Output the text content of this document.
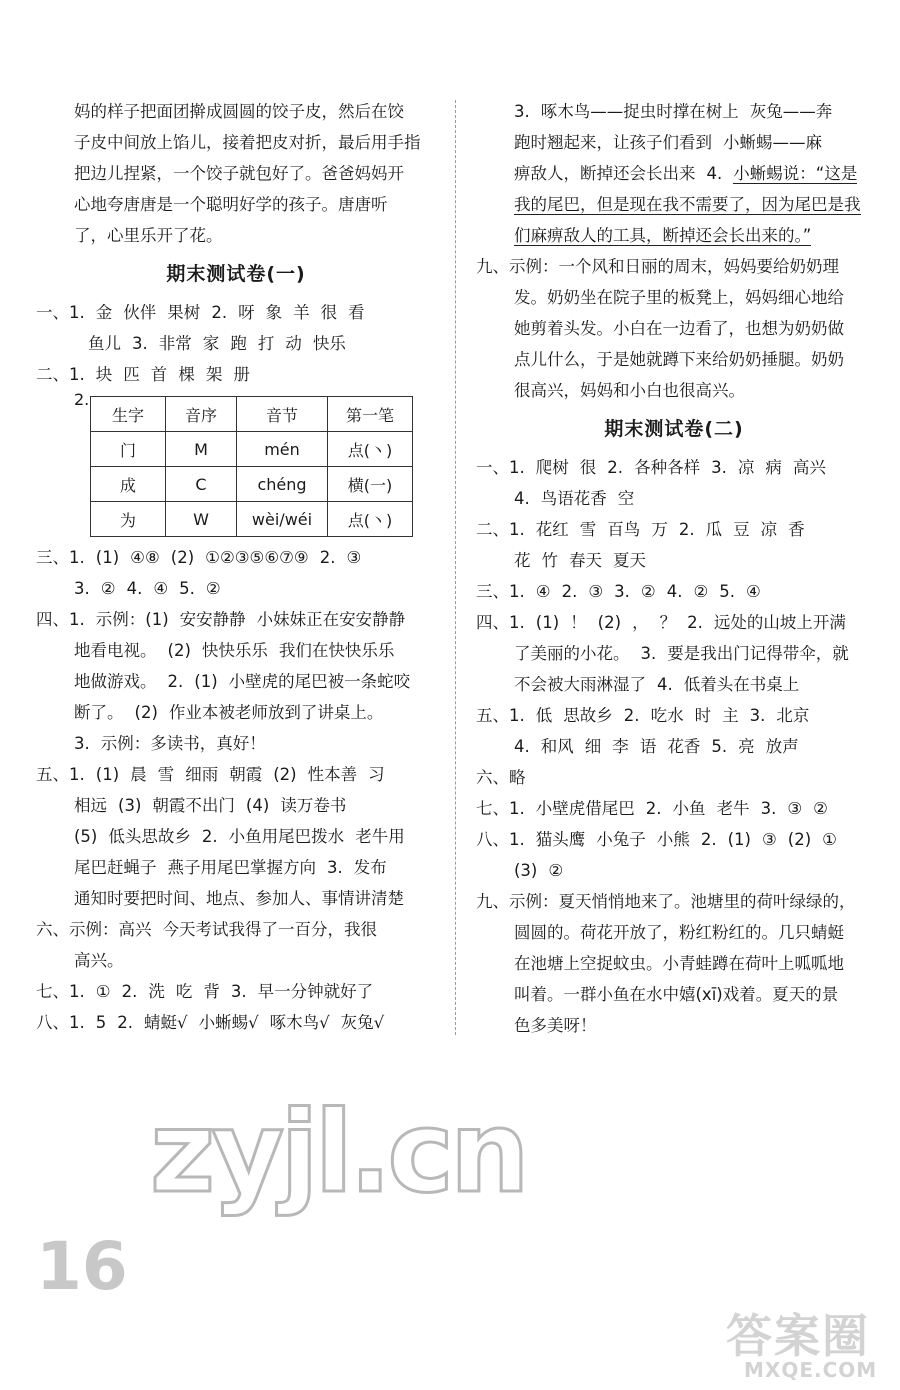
妈的样子把面团擀成圆圆的饺子皮，然后在饺
子皮中间放上馅儿，接着把皮对折，最后用手指
把边儿捏紧，一个饺子就包好了。爸爸妈妈开
心地夸唐唐是一个聪明好学的孩子。唐唐听
了，心里乐开了花。
期末测试卷(一)
一、1. 金 伙伴 果树 2. 呀 象 羊 很 看
鱼儿 3. 非常 家 跑 打 动 快乐
二、1. 块 匹 首 棵 架 册
2.
生字	音序	音节	第一笔
门	M	mén	点(丶)
成	C	chéng	横(一)
为	W	wèi/wéi	点(丶)
三、1. (1) ④⑧ (2) ①②③⑤⑥⑦⑨ 2. ③
3. ② 4. ④ 5. ②
四、1. 示例：(1) 安安静静 小妹妹正在安安静静
地看电视。 (2) 快快乐乐 我们在快快乐乐
地做游戏。 2. (1) 小壁虎的尾巴被一条蛇咬
断了。 (2) 作业本被老师放到了讲桌上。
3. 示例：多读书，真好！
五、1. (1) 晨 雪 细雨 朝霞 (2) 性本善 习
相远 (3) 朝霞不出门 (4) 读万卷书
(5) 低头思故乡 2. 小鱼用尾巴拨水 老牛用
尾巴赶蝇子 燕子用尾巴掌握方向 3. 发布
通知时要把时间、地点、参加人、事情讲清楚
六、示例：高兴 今天考试我得了一百分，我很
高兴。
七、1. ① 2. 洗 吃 背 3. 早一分钟就好了
八、1. 5 2. 蜻蜓√ 小蜥蜴√ 啄木鸟√ 灰兔√
3. 啄木鸟——捉虫时撑在树上 灰兔——奔
跑时翘起来，让孩子们看到 小蜥蜴——麻
痹敌人，断掉还会长出来 4. 小蜥蜴说：“这是
我的尾巴，但是现在我不需要了，因为尾巴是我
们麻痹敌人的工具，断掉还会长出来的。”
九、示例：一个风和日丽的周末，妈妈要给奶奶理
发。奶奶坐在院子里的板凳上，妈妈细心地给
她剪着头发。小白在一边看了，也想为奶奶做
点儿什么，于是她就蹲下来给奶奶捶腿。奶奶
很高兴，妈妈和小白也很高兴。
期末测试卷(二)
一、1. 爬树 很 2. 各种各样 3. 凉 病 高兴
4. 鸟语花香 空
二、1. 花红 雪 百鸟 万 2. 瓜 豆 凉 香
花 竹 春天 夏天
三、1. ④ 2. ③ 3. ② 4. ② 5. ④
四、1. (1) ！ (2) ， ？ 2. 远处的山坡上开满
了美丽的小花。 3. 要是我出门记得带伞，就
不会被大雨淋湿了 4. 低着头在书桌上
五、1. 低 思故乡 2. 吃水 时 主 3. 北京
4. 和风 细 李 语 花香 5. 亮 放声
六、略
七、1. 小壁虎借尾巴 2. 小鱼 老牛 3. ③ ②
八、1. 猫头鹰 小兔子 小熊 2. (1) ③ (2) ①
(3) ②
九、示例：夏天悄悄地来了。池塘里的荷叶绿绿的，
圆圆的。荷花开放了，粉红粉红的。几只蜻蜓
在池塘上空捉蚊虫。小青蛙蹲在荷叶上呱呱地
叫着。一群小鱼在水中嬉(xī)戏着。夏天的景
色多美呀！
zyjl.cn
16
答案圈
MXQE.COM
